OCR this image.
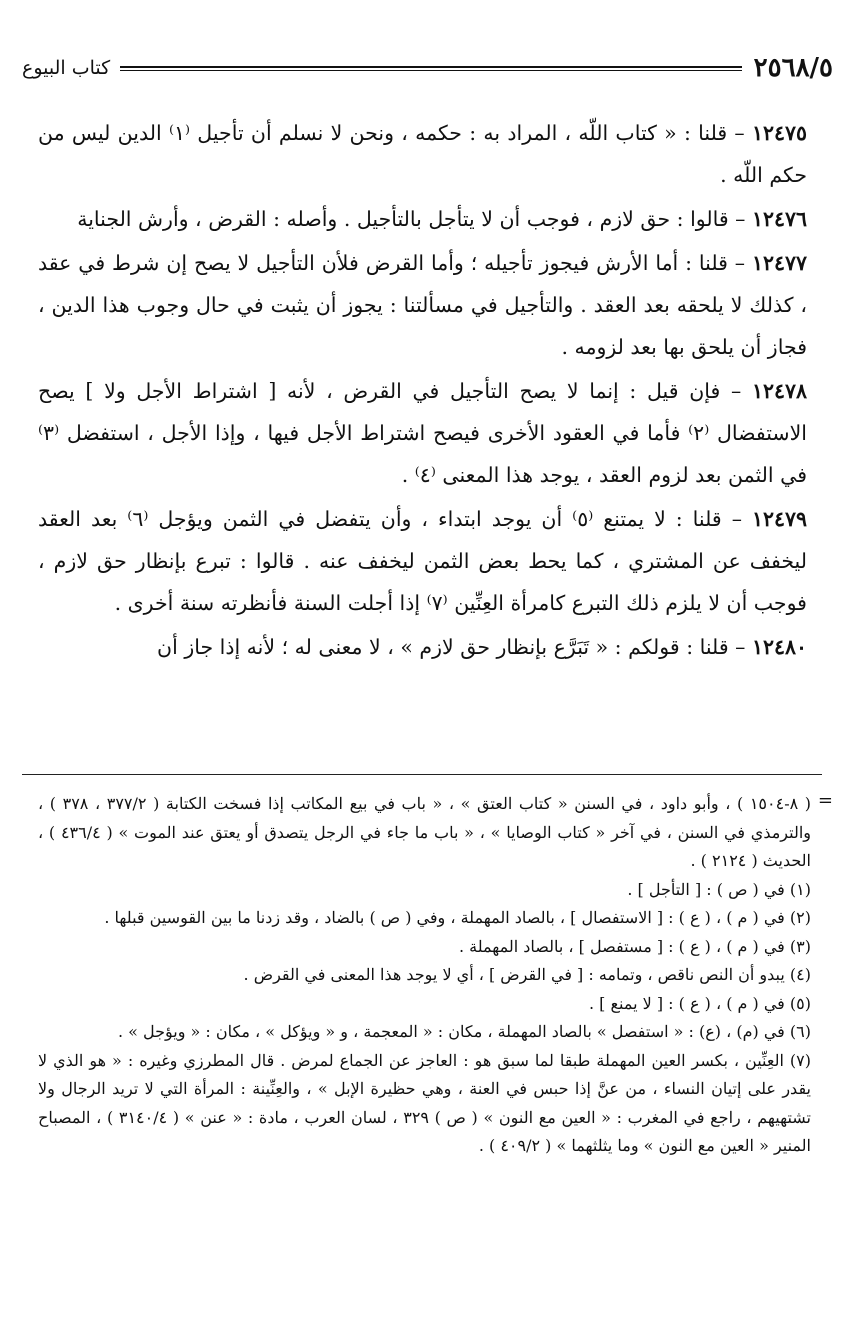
كتاب البيوع	٢٥٦٨/٥

١٢٤٧٥ – قلنا : « كتاب اللّه ، المراد به : حكمه ، ونحن لا نسلم أن تأجيل ⁽١⁾ الدين ليس من حكم اللّه .

١٢٤٧٦ – قالوا : حق لازم ، فوجب أن لا يتأجل بالتأجيل . وأصله : القرض ، وأرش الجناية

١٢٤٧٧ – قلنا : أما الأرش فيجوز تأجيله ؛ وأما القرض فلأن التأجيل لا يصح إن شرط في عقد ، كذلك لا يلحقه بعد العقد . والتأجيل في مسألتنا : يجوز أن يثبت في حال وجوب هذا الدين ، فجاز أن يلحق بها بعد لزومه .

١٢٤٧٨ – فإن قيل : إنما لا يصح التأجيل في القرض ، لأنه [ اشتراط الأجل ولا ] يصح الاستفضال ⁽٢⁾ فأما في العقود الأخرى فيصح اشتراط الأجل فيها ، وإذا الأجل ، استفضل ⁽٣⁾ في الثمن بعد لزوم العقد ، يوجد هذا المعنى ⁽٤⁾ .

١٢٤٧٩ – قلنا : لا يمتنع ⁽٥⁾ أن يوجد ابتداء ، وأن يتفضل في الثمن ويؤجل ⁽٦⁾ بعد العقد ليخفف عن المشتري ، كما يحط بعض الثمن ليخفف عنه . قالوا : تبرع بإنظار حق لازم ، فوجب أن لا يلزم ذلك التبرع كامرأة العِنِّين ⁽٧⁾ إذا أجلت السنة فأنظرته سنة أخرى .

١٢٤٨٠ – قلنا : قولكم : « تَبَرَّع بإنظار حق لازم » ، لا معنى له ؛ لأنه إذا جاز أن

=

( ٨-١٥٠٤ ) ، وأبو داود ، في السنن « كتاب العتق » ، « باب في بيع المكاتب إذا فسخت الكتابة ( ٣٧٧/٢ ، ٣٧٨ ) ، والترمذي في السنن ، في آخر « كتاب الوصايا » ، « باب ما جاء في الرجل يتصدق أو يعتق عند الموت » ( ٤٣٦/٤ ) ، الحديث ( ٢١٢٤ ) .

(١) في ( ص ) : [ التأجل ] .

(٢) في ( م ) ، ( ع ) : [ الاستفصال ] ، بالصاد المهملة ، وفي ( ص ) بالضاد ، وقد زدنا ما بين القوسين قبلها .

(٣) في ( م ) ، ( ع ) : [ مستفصل ] ، بالصاد المهملة .

(٤) يبدو أن النص ناقص ، وتمامه : [ في القرض ] ، أي لا يوجد هذا المعنى في القرض .

(٥) في ( م ) ، ( ع ) : [ لا يمنع ] .

(٦) في (م) ، (ع) : « استفصل » بالصاد المهملة ، مكان : « المعجمة ، و « ويؤكل » ، مكان : « ويؤجل » .

(٧) العِنِّين ، بكسر العين المهملة طبقا لما سبق هو : العاجز عن الجماع لمرض . قال المطرزي وغيره : « هو الذي لا يقدر على إتيان النساء ، من عنَّ إذا حبس في العنة ، وهي حظيرة الإبل » ، والعِنِّينة : المرأة التي لا تريد الرجال ولا تشتهيهم ، راجع في المغرب : « العين مع النون » ( ص ) ٣٢٩ ، لسان العرب ، مادة : « عنن » ( ٣١٤٠/٤ ) ، المصباح المنير « العين مع النون » وما يثلثهما » ( ٤٠٩/٢ ) .
